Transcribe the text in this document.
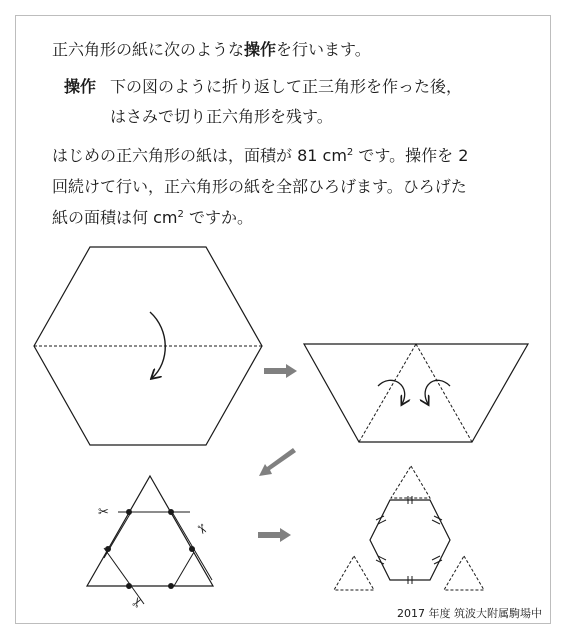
正六角形の紙に次のような操作を行います。
操作 下の図のように折り返して正三角形を作った後，
はさみで切り正六角形を残す。
はじめの正六角形の紙は，面積が 81 $cm^2$ です。操作を 2
回続けて行い，正六角形の紙を全部ひろげます。ひろげた
紙の面積は何 $cm^2$ ですか。
✂
✂
✂
2017 年度 筑波大附属駒場中
